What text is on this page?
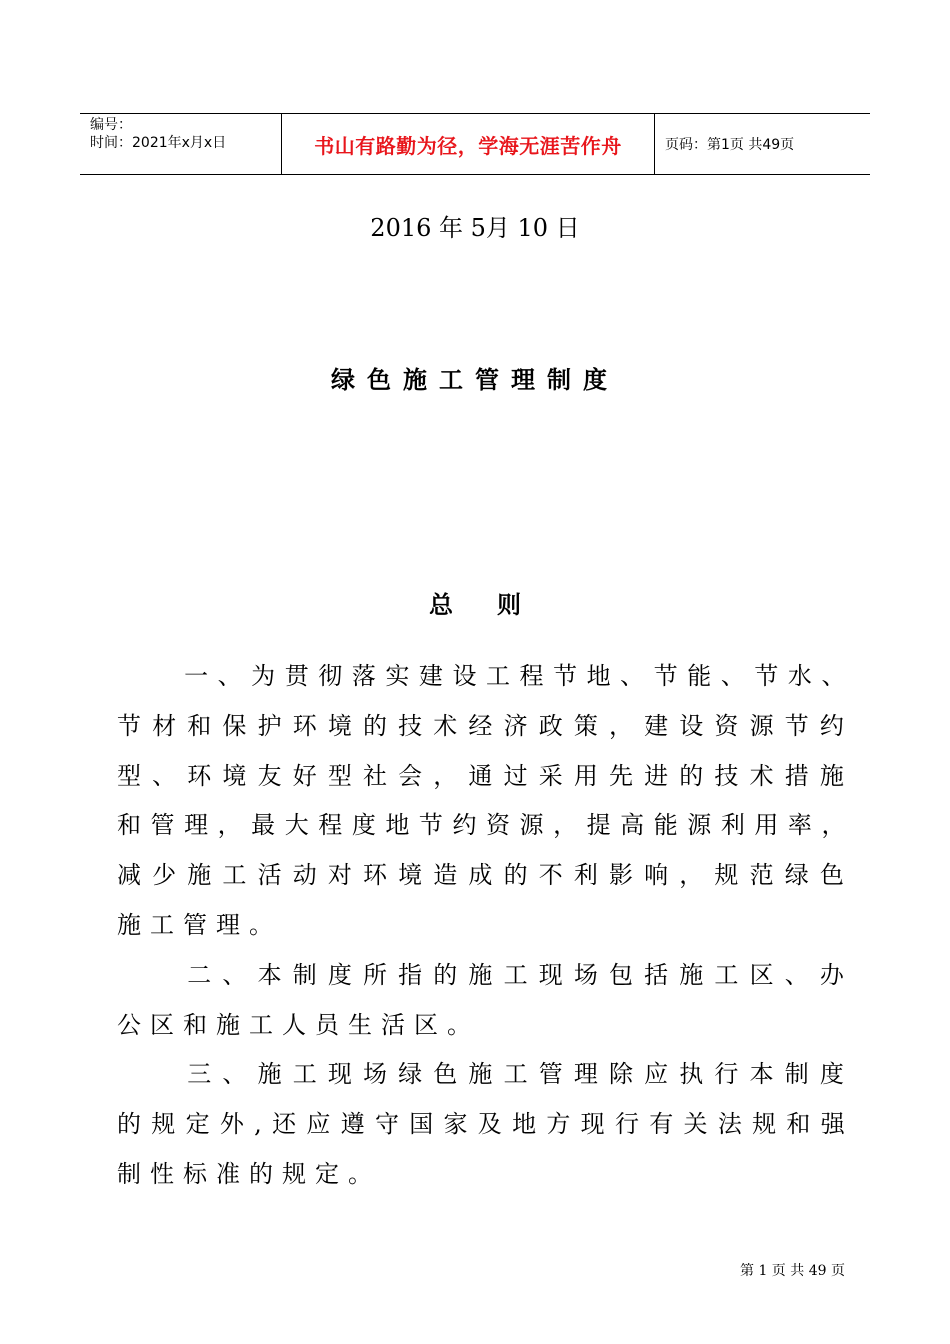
编号：
时间：2021年x月x日	书山有路勤为径，学海无涯苦作舟	页码：第1页 共49页
2016 年 5月 10 日
绿色施工管理制度
总 则
　　一、为贯彻落实建设工程节地、节能、节水、
节材和保护环境的技术经济政策，建设资源节约
型、环境友好型社会，通过采用先进的技术措施
和管理，最大程度地节约资源，提高能源利用率，
减少施工活动对环境造成的不利影响，规范绿色
施工管理。
　　二、本制度所指的施工现场包括施工区、办
公区和施工人员生活区。
　　三、施工现场绿色施工管理除应执行本制度
的规定外,还应遵守国家及地方现行有关法规和强
制性标准的规定。
第 1 页 共 49 页
